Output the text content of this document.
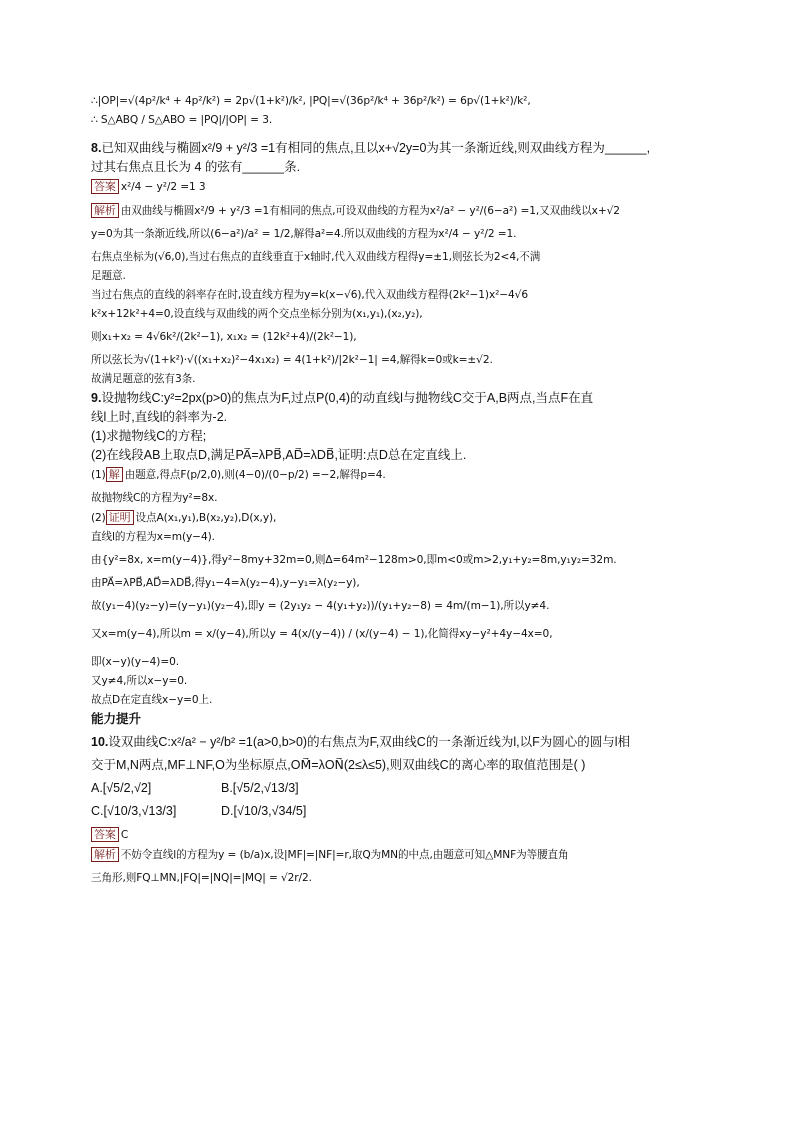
∴|OP|=√(4p²/k⁴ + 4p²/k²) = 2p√(1+k²)/k², |PQ|=√(36p²/k⁴ + 36p²/k²) = 6p√(1+k²)/k²,
∴ S△ABQ / S△ABO = |PQ|/|OP| = 3.
8.已知双曲线与椭圆x²/9 + y²/3 =1有相同的焦点,且以x+√2y=0为其一条渐近线,则双曲线方程为______,
过其右焦点且长为 4 的弦有______条.
答案 x²/4 − y²/2 =1 3
解析 由双曲线与椭圆x²/9 + y²/3 =1有相同的焦点,可设双曲线的方程为x²/a² − y²/(6−a²) =1,又双曲线以x+√2
y=0为其一条渐近线,所以(6−a²)/a² = 1/2,解得a²=4.所以双曲线的方程为x²/4 − y²/2 =1.
右焦点坐标为(√6,0),当过右焦点的直线垂直于x轴时,代入双曲线方程得y=±1,则弦长为2<4,不满
足题意.
当过右焦点的直线的斜率存在时,设直线方程为y=k(x−√6),代入双曲线方程得(2k²−1)x²−4√6
k²x+12k²+4=0,设直线与双曲线的两个交点坐标分别为(x₁,y₁),(x₂,y₂),
则x₁+x₂ = 4√6k²/(2k²−1), x₁x₂ = (12k²+4)/(2k²−1),
所以弦长为√(1+k²)·√((x₁+x₂)²−4x₁x₂) = 4(1+k²)/|2k²−1| =4,解得k=0或k=±√2.
故满足题意的弦有3条.
9.设抛物线C:y²=2px(p>0)的焦点为F,过点P(0,4)的动直线l与抛物线C交于A,B两点,当点F在直
线l上时,直线l的斜率为-2.
(1)求抛物线C的方程;
(2)在线段AB上取点D,满足PA⃗=λPB⃗,AD⃗=λDB⃗,证明:点D总在定直线上.
(1) 解 由题意,得点F(p/2,0),则(4−0)/(0−p/2) =−2,解得p=4.
故抛物线C的方程为y²=8x.
(2) 证明 设点A(x₁,y₁),B(x₂,y₂),D(x,y),
直线l的方程为x=m(y−4).
由{y²=8x, x=m(y−4)},得y²−8my+32m=0,则Δ=64m²−128m>0,即m<0或m>2,y₁+y₂=8m,y₁y₂=32m.
由PA⃗=λPB⃗,AD⃗=λDB⃗,得y₁−4=λ(y₂−4),y−y₁=λ(y₂−y),
故(y₁−4)(y₂−y)=(y−y₁)(y₂−4),即y = (2y₁y₂ − 4(y₁+y₂))/(y₁+y₂−8) = 4m/(m−1),所以y≠4.
又x=m(y−4),所以m = x/(y−4),所以y = 4(x/(y−4)) / (x/(y−4) − 1),化简得xy−y²+4y−4x=0,
即(x−y)(y−4)=0.
又y≠4,所以x−y=0.
故点D在定直线x−y=0上.
能力提升
10.设双曲线C:x²/a² − y²/b² =1(a>0,b>0)的右焦点为F,双曲线C的一条渐近线为l,以F为圆心的圆与l相
交于M,N两点,MF⊥NF,O为坐标原点,OM⃗=λON⃗(2≤λ≤5),则双曲线C的离心率的取值范围是( )
A.[√5/2,√2]	B.[√5/2,√13/3]
C.[√10/3,√13/3]	D.[√10/3,√34/5]
答案 C
解析 不妨令直线l的方程为y = (b/a)x,设|MF|=|NF|=r,取Q为MN的中点,由题意可知△MNF为等腰直角
三角形,则FQ⊥MN,|FQ|=|NQ|=|MQ| = √2r/2.
